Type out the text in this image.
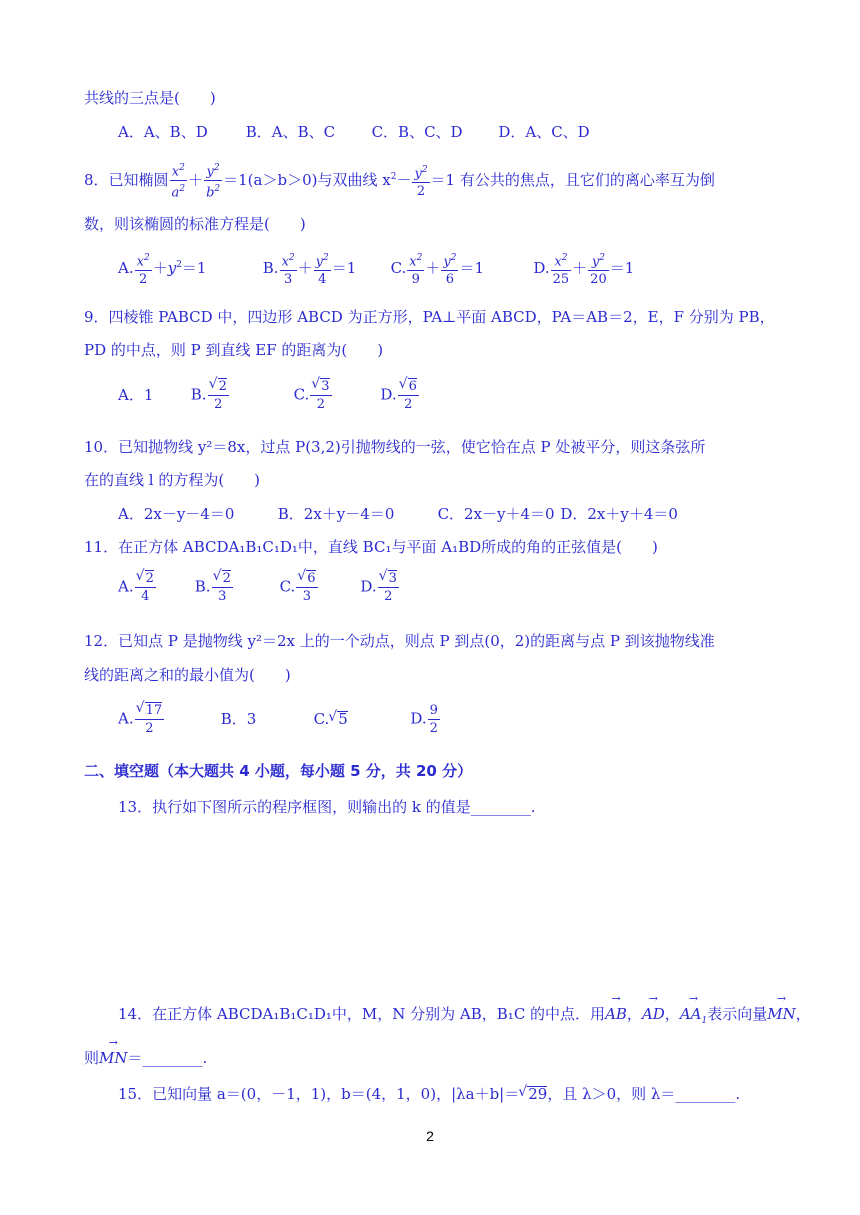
共线的三点是(　　)
A．A、B、D	B．A、B、C C．B、C、D D．A、C、D
8．已知椭圆 $\frac{x^2}{a^2} + \frac{y^2}{b^2} =1(a>b>0)$与双曲线 $x^2- \frac{y^2}{2} =1$ 有公共的焦点，且它们的离心率互为倒
数，则该椭圆的标准方程是(　　)
A. $\frac{x^2}{2} +y^2=1$	B. $\frac{x^2}{3} + \frac{y^2}{4} =1$ C. $\frac{x^2}{9} + \frac{y^2}{6} =1$	D. $\frac{x^2}{25} + \frac{y^2}{20} =1$
9．四棱锥 PABCD 中，四边形 ABCD 为正方形，PA⊥平面 ABCD，PA＝AB＝2，E，F 分别为 PB，
PD 的中点，则 P 到直线 EF 的距离为(　　)
A．1 B. √ $\frac{2}{2}$	C. √ $\frac{3}{2}$	D. √ $\frac{6}{2}$
10．已知抛物线 y²＝8x，过点 P(3,2)引抛物线的一弦，使它恰在点 P 处被平分，则这条弦所
在的直线 l 的方程为(　　)
A．2x－y－4＝0	B．2x＋y－4＝0	C．2x－y＋4＝0 D．2x＋y＋4＝0
11．在正方体 ABCDA₁B₁C₁D₁中，直线 BC₁与平面 A₁BD所成的角的正弦值是(　　)
A. √ $\frac{2}{4}$	B. √ $\frac{2}{3}$	C. √ $\frac{6}{3}$	D. √ $\frac{3}{2}$
12．已知点 P 是抛物线 y²＝2x 上的一个动点，则点 P 到点(0，2)的距离与点 P 到该抛物线准
线的距离之和的最小值为(　　)
A. √ $\frac{17}{2}$	B．3	C. √ 5	D. $\frac{9}{2}$
二、填空题（本大题共 4 小题，每小题 5 分，共 20 分）
13．执行如下图所示的程序框图，则输出的 k 的值是________.
14．在正方体 ABCDA₁B₁C₁D₁中，M，N 分别为 AB，B₁C 的中点．用AB →，AD →，$AA_1$ →表示向量MN →，
则MN →＝________.
15．已知向量 a＝(0，－1，1)，b＝(4，1，0)，|λa＋b|＝ √ 29，且 λ＞0，则 λ＝________.
2
